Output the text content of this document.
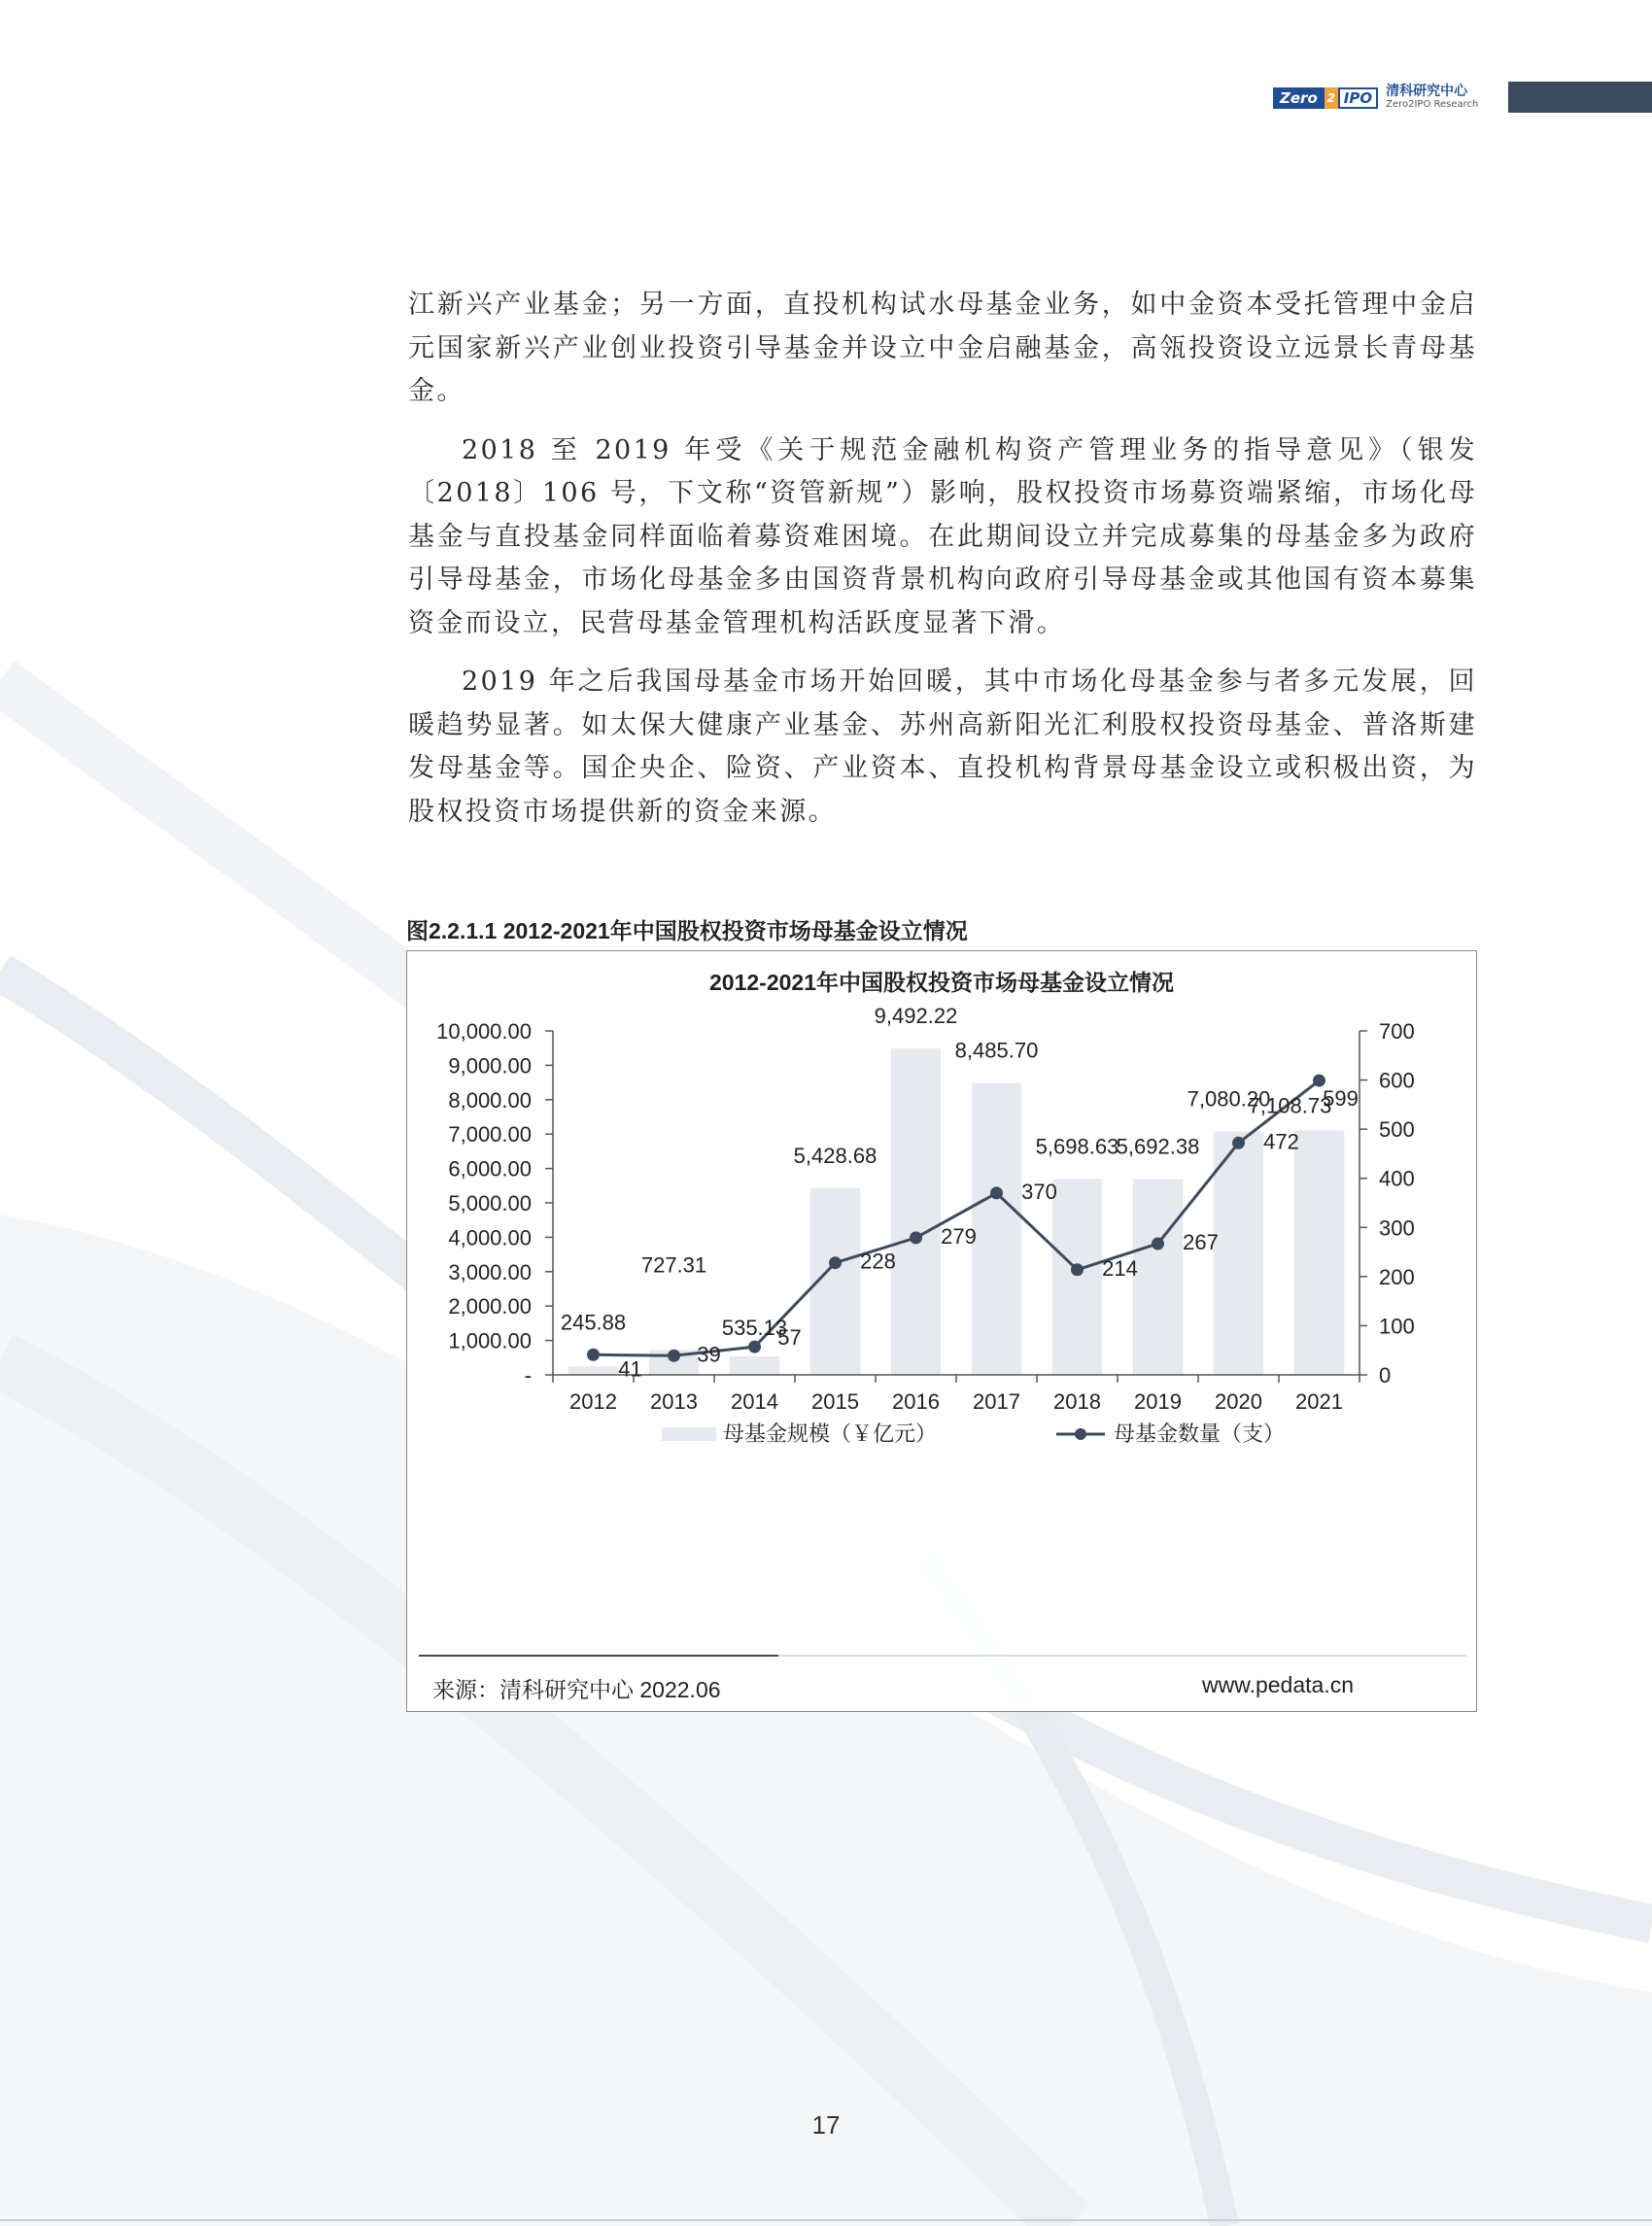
Zero 2 IPO	清科研究中心
Zero2IPO Research

江新兴产业基金；另一方面，直投机构试水母基金业务，如中金资本受托管理中金启元国家新兴产业创业投资引导基金并设立中金启融基金，高瓴投资设立远景长青母基金。

2018 至 2019 年受《关于规范金融机构资产管理业务的指导意见》（银发〔2018〕106 号，下文称“资管新规”）影响，股权投资市场募资端紧缩，市场化母基金与直投基金同样面临着募资难困境。在此期间设立并完成募集的母基金多为政府引导母基金，市场化母基金多由国资背景机构向政府引导母基金或其他国有资本募集资金而设立，民营母基金管理机构活跃度显著下滑。

2019 年之后我国母基金市场开始回暖，其中市场化母基金参与者多元发展，回暖趋势显著。如太保大健康产业基金、苏州高新阳光汇利股权投资母基金、普洛斯建发母基金等。国企央企、险资、产业资本、直投机构背景母基金设立或积极出资，为股权投资市场提供新的资金来源。

图2.2.1.1 2012-2021年中国股权投资市场母基金设立情况
2012-2021年中国股权投资市场母基金设立情况
-
1,000.00
2,000.00
3,000.00
4,000.00
5,000.00
6,000.00
7,000.00
8,000.00
9,000.00
10,000.00
0
100
200
300
400
500
600
700
2012 2013 2014 2015 2016 2017 2018 2019 2020 2021
245.88
727.31
535.13
5,428.68
9,492.22
8,485.70
5,698.63
5,692.38
7,080.20
7,108.73
41
39
57
228
279
370
214
267
472
599
母基金规模（￥亿元）	母基金数量（支）
来源：清科研究中心 2022.06	www.pedata.cn
17
